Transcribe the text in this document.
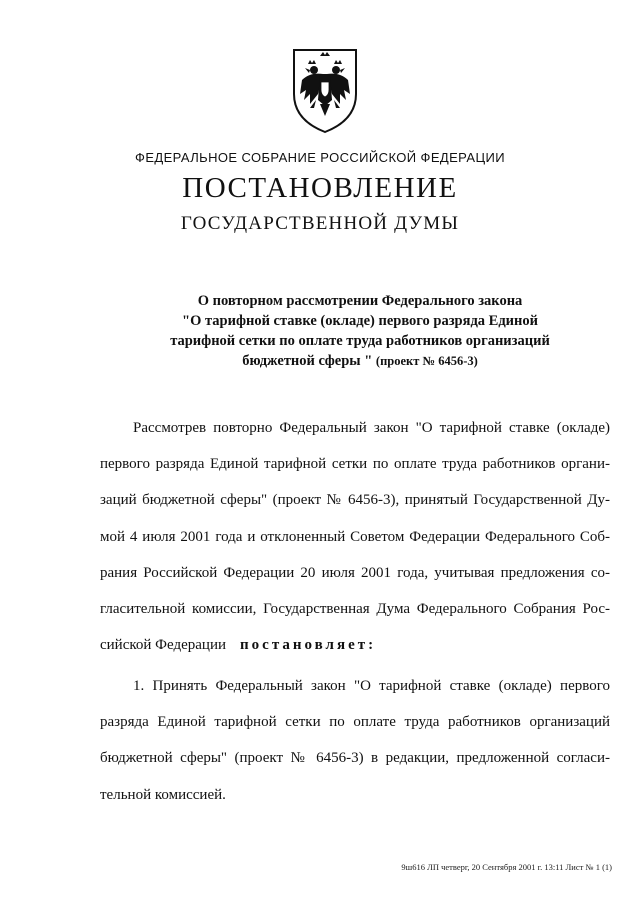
ФЕДЕРАЛЬНОЕ СОБРАНИЕ РОССИЙСКОЙ ФЕДЕРАЦИИ
ПОСТАНОВЛЕНИЕ
ГОСУДАРСТВЕННОЙ ДУМЫ
О повторном рассмотрении Федерального закона
"О тарифной ставке (окладе) первого разряда Единой
тарифной сетки по оплате труда работников организаций
бюджетной сферы " (проект № 6456-3)
Рассмотрев повторно Федеральный закон "О тарифной ставке (окладе)
первого разряда Единой тарифной сетки по оплате труда работников органи-
заций бюджетной сферы" (проект № 6456-3), принятый Государственной Ду-
мой 4 июля 2001 года и отклоненный Советом Федерации Федерального Соб-
рания Российской Федерации 20 июля 2001 года, учитывая предложения со-
гласительной комиссии, Государственная Дума Федерального Собрания Рос-
сийской Федерации постановляет:
1. Принять Федеральный закон "О тарифной ставке (окладе) первого
разряда Единой тарифной сетки по оплате труда работников организаций
бюджетной сферы" (проект № 6456-3) в редакции, предложенной согласи-
тельной комиссией.
9ш616 ЛП четверг, 20 Сентября 2001 г. 13:11 Лист № 1 (1)
